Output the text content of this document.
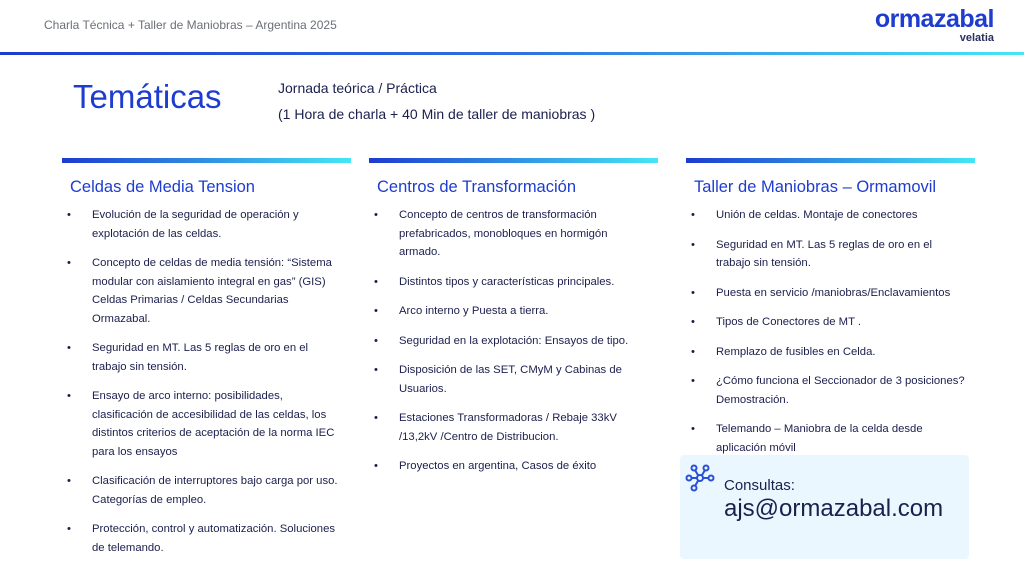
Charla Técnica + Taller de Maniobras – Argentina 2025	ormazabal
velatia
Temáticas	Jornada teórica / Práctica
(1 Hora de charla + 40 Min de taller de maniobras )
Celdas de Media Tension
• Evolución de la seguridad de operación y explotación de las celdas.
• Concepto de celdas de media tensión: “Sistema modular con aislamiento integral en gas” (GIS) Celdas Primarias / Celdas Secundarias Ormazabal.
• Seguridad en MT. Las 5 reglas de oro en el trabajo sin tensión.
• Ensayo de arco interno: posibilidades, clasificación de accesibilidad de las celdas, los distintos criterios de aceptación de la norma IEC para los ensayos
• Clasificación de interruptores bajo carga por uso. Categorías de empleo.
• Protección, control y automatización. Soluciones de telemando.
Centros de Transformación
• Concepto de centros de transformación prefabricados, monobloques en hormigón armado.
• Distintos tipos y características principales.
• Arco interno y Puesta a tierra.
• Seguridad en la explotación: Ensayos de tipo.
• Disposición de las SET, CMyM y Cabinas de Usuarios.
• Estaciones Transformadoras / Rebaje 33kV /13,2kV /Centro de Distribucion.
• Proyectos en argentina, Casos de éxito
Taller de Maniobras – Ormamovil
• Unión de celdas. Montaje de conectores
• Seguridad en MT. Las 5 reglas de oro en el trabajo sin tensión.
• Puesta en servicio /maniobras/Enclavamientos
• Tipos de Conectores de MT .
• Remplazo de fusibles en Celda.
• ¿Cómo funciona el Seccionador de 3 posiciones? Demostración.
• Telemando – Maniobra de la celda desde aplicación móvil
Consultas:
ajs@ormazabal.com
